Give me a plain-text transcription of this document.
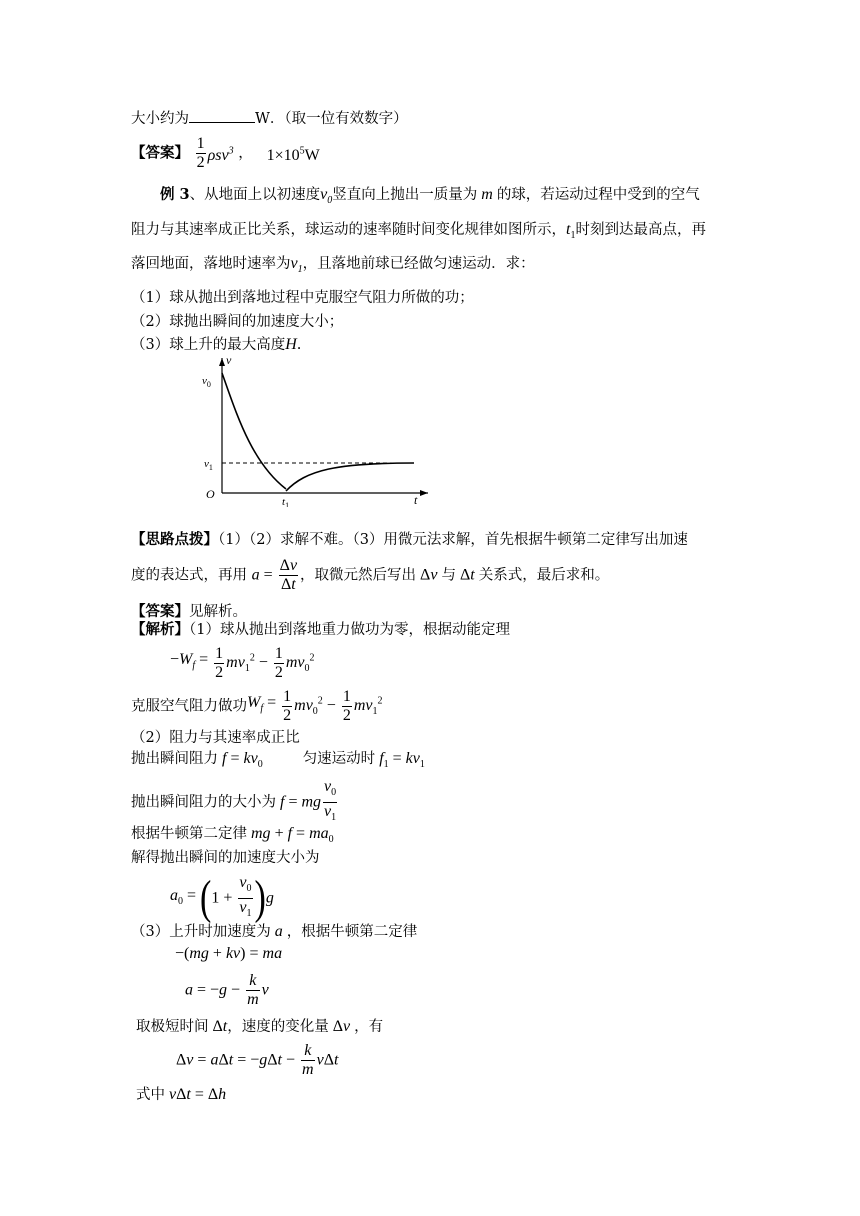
大小约为	W．（取一位有效数字）
【答案】 $\frac{1}{2} \rho sv^3$ ，   $1\times 10^5W$
例 3、从地面上以初速度$v_0$竖直向上抛出一质量为 m 的球，若运动过程中受到的空气
阻力与其速率成正比关系，球运动的速率随时间变化规律如图所示，$t_1$时刻到达最高点，再
落回地面，落地时速率为$v_1$，且落地前球已经做匀速运动．求：
（1）球从抛出到落地过程中克服空气阻力所做的功；
（2）球抛出瞬间的加速度大小；
（3）球上升的最大高度H.
v
t
O
$v_0$
$v_1$
$t_1$
【思路点拨】（1）（2）求解不难。（3）用微元法求解，首先根据牛顿第二定律写出加速
度的表达式，再用 $a = \frac{\Delta v}{\Delta t}$ ，取微元然后写出 Δv 与 Δt 关系式，最后求和。
【答案】见解析。
【解析】（1）球从抛出到落地重力做功为零，根据动能定理
$-W_f = \frac{1}{2} mv_1^2 - \frac{1}{2} mv_0^2$
克服空气阻力做功$W_f = \frac{1}{2} mv_0^2 - \frac{1}{2} mv_1^2$
（2）阻力与其速率成正比
抛出瞬间阻力 $f = kv_0$	匀速运动时 $f_1 = kv_1$
抛出瞬间阻力的大小为 f = mg $\frac{v_0}{v_1}$
根据牛顿第二定律 mg + $f = ma_0$
解得抛出瞬间的加速度大小为
$a_0 = (1 + \frac{v_0}{v_1} )g$
（3）上升时加速度为 a ，根据牛顿第二定律
−(mg + kv) = ma
$a = -g - \frac{k}{m}$ v
取极短时间 Δt，速度的变化量 Δv ，有
$\Delta v = a\Delta t = -g\Delta t - \frac{k}{m}$ vΔt
式中 vΔt = Δh
